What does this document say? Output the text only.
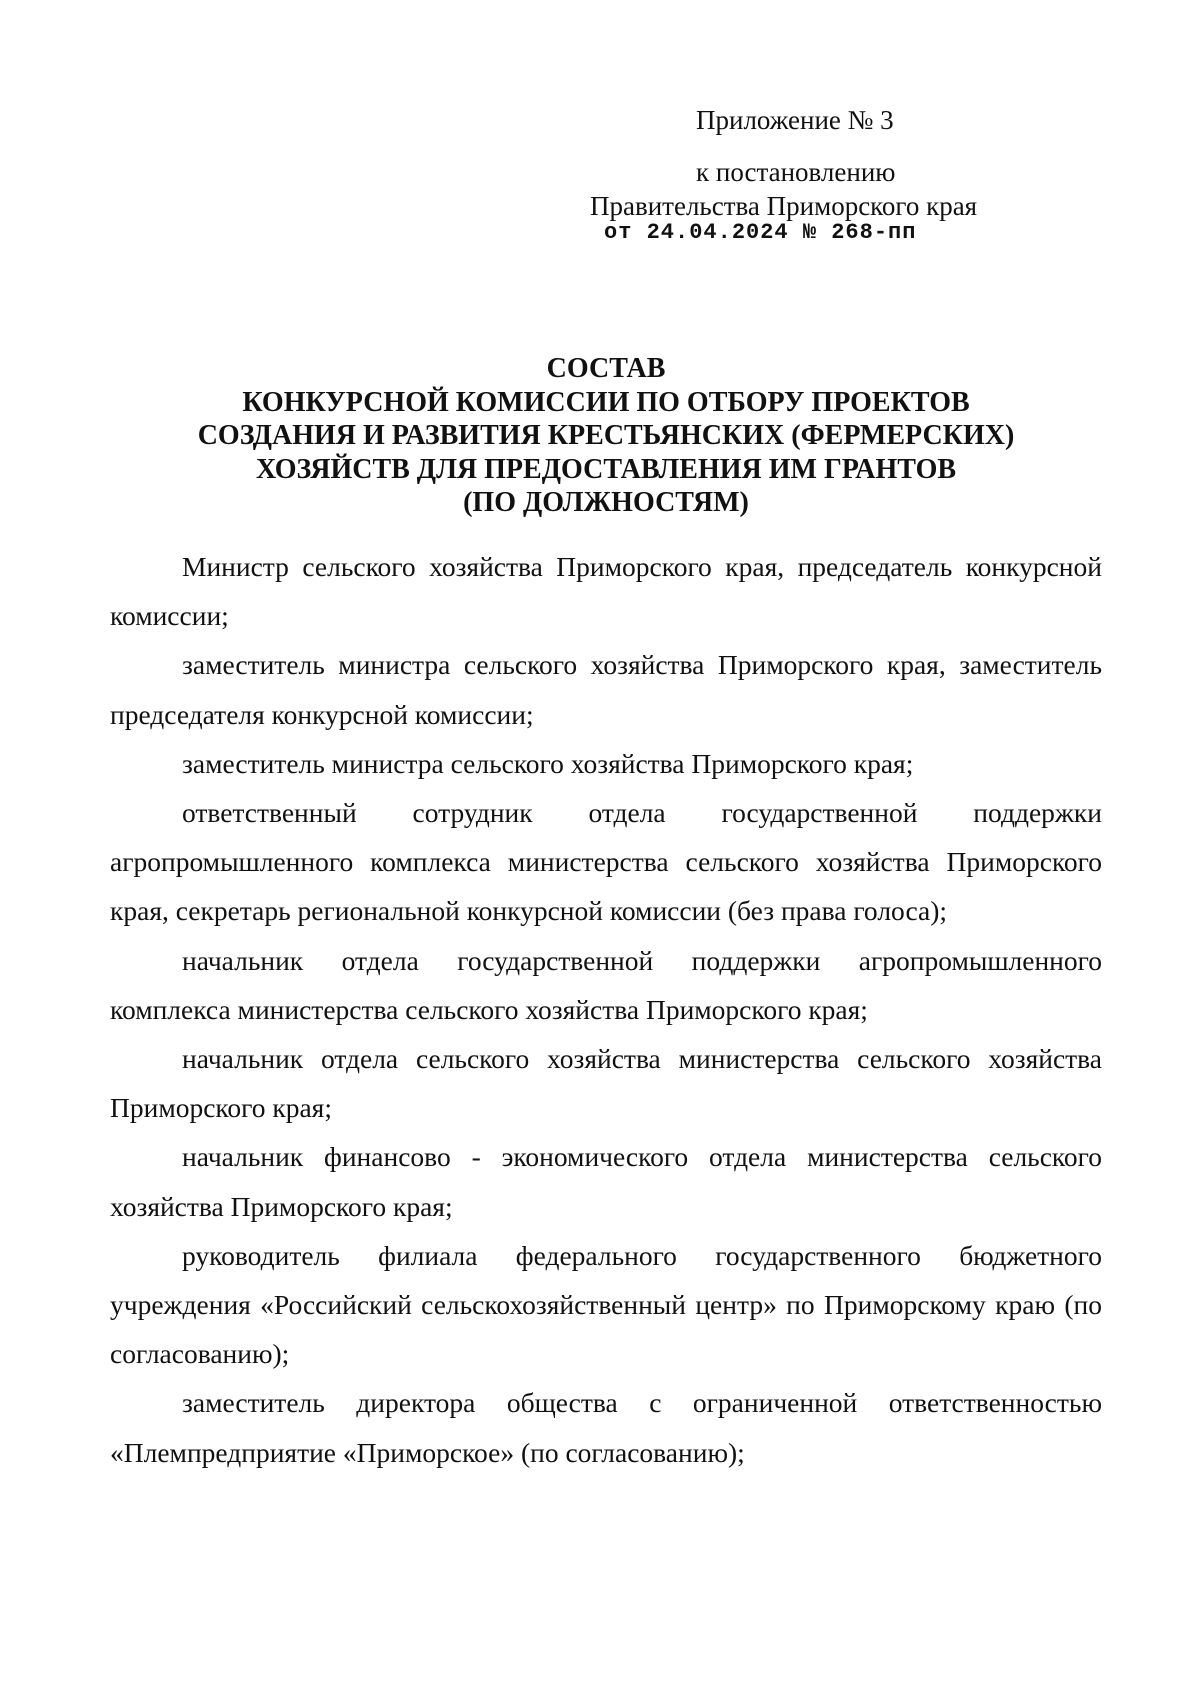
Приложение № 3
к постановлению
Правительства Приморского края
от 24.04.2024 № 268-пп
СОСТАВ
КОНКУРСНОЙ КОМИССИИ ПО ОТБОРУ ПРОЕКТОВ
СОЗДАНИЯ И РАЗВИТИЯ КРЕСТЬЯНСКИХ (ФЕРМЕРСКИХ)
ХОЗЯЙСТВ ДЛЯ ПРЕДОСТАВЛЕНИЯ ИМ ГРАНТОВ
(ПО ДОЛЖНОСТЯМ)

Министр сельского хозяйства Приморского края, председатель конкурсной комиссии;

заместитель министра сельского хозяйства Приморского края, заместитель председателя конкурсной комиссии;

заместитель министра сельского хозяйства Приморского края;

ответственный сотрудник отдела государственной поддержки агропромышленного комплекса министерства сельского хозяйства Приморского края, секретарь региональной конкурсной комиссии (без права голоса);

начальник отдела государственной поддержки агропромышленного комплекса министерства сельского хозяйства Приморского края;

начальник отдела сельского хозяйства министерства сельского хозяйства Приморского края;

начальник финансово - экономического отдела министерства сельского хозяйства Приморского края;

руководитель филиала федерального государственного бюджетного учреждения «Российский сельскохозяйственный центр» по Приморскому краю (по согласованию);

заместитель директора общества с ограниченной ответственностью «Племпредприятие «Приморское» (по согласованию);
